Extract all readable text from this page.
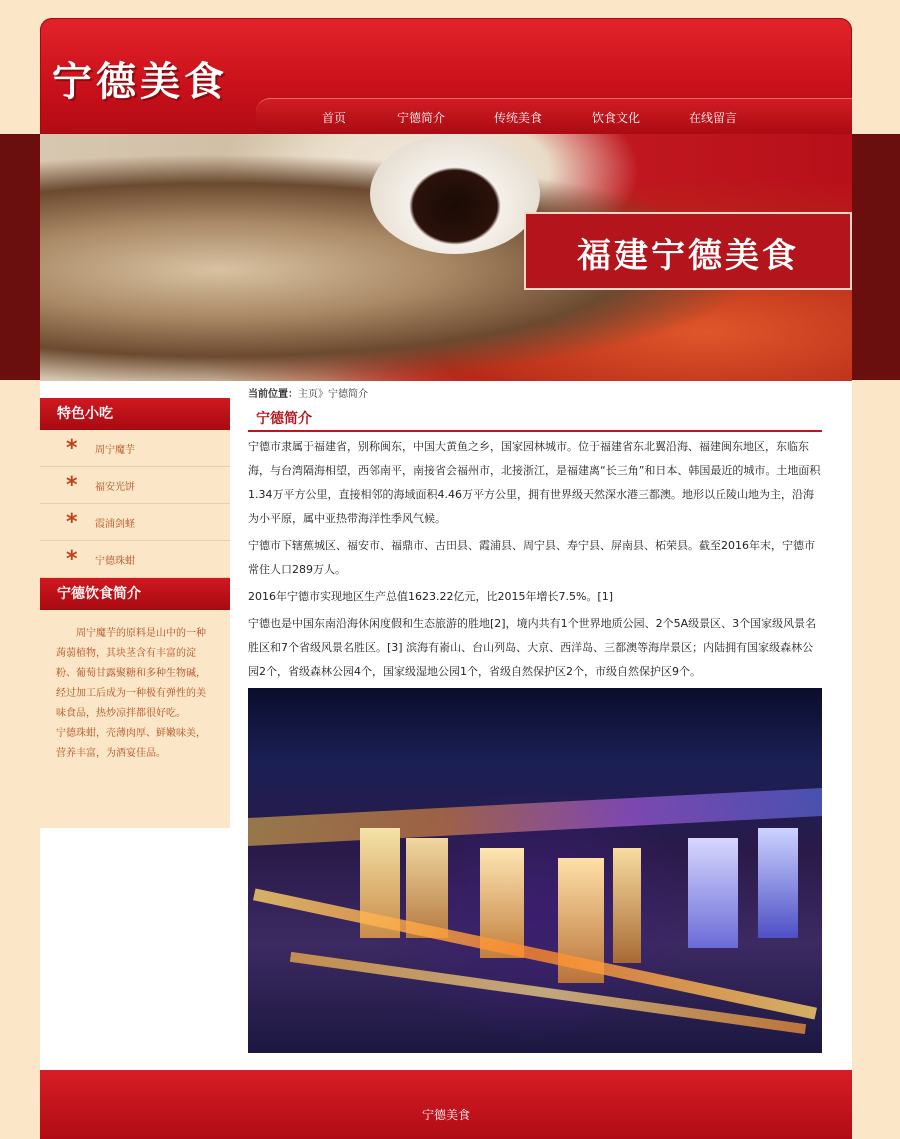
宁德美食
首页	宁德简介	传统美食	饮食文化	在线留言
福建宁德美食
特色小吃
* 周宁魔芋
* 福安光饼
* 霞浦剑蛏
* 宁德珠蚶
宁德饮食简介

周宁魔芋的原料是山中的一种蒟蒻植物，其块茎含有丰富的淀粉、葡萄甘露聚糖和多种生物碱，经过加工后成为一种极有弹性的美味食品，热炒凉拌都很好吃。

宁德珠蚶，壳薄肉厚、鲜嫩味美，营养丰富，为酒宴佳品。

当前位置：主页》宁德简介
宁德简介

宁德市隶属于福建省，别称闽东，中国大黄鱼之乡，国家园林城市。位于福建省东北翼沿海、福建闽东地区，东临东海，与台湾隔海相望，西邻南平，南接省会福州市，北接浙江，是福建离“长三角”和日本、韩国最近的城市。土地面积1.34万平方公里，直接相邻的海域面积4.46万平方公里，拥有世界级天然深水港三都澳。地形以丘陵山地为主，沿海为小平原，属中亚热带海洋性季风气候。

宁德市下辖蕉城区、福安市、福鼎市、古田县、霞浦县、周宁县、寿宁县、屏南县、柘荣县。截至2016年末，宁德市常住人口289万人。

2016年宁德市实现地区生产总值1623.22亿元，比2015年增长7.5%。[1]

宁德也是中国东南沿海休闲度假和生态旅游的胜地[2]，境内共有1个世界地质公园、2个5A级景区、3个国家级风景名胜区和7个省级风景名胜区。[3] 滨海有嵛山、台山列岛、大京、西洋岛、三都澳等海岸景区；内陆拥有国家级森林公园2个，省级森林公园4个，国家级湿地公园1个，省级自然保护区2个，市级自然保护区9个。

宁德美食
